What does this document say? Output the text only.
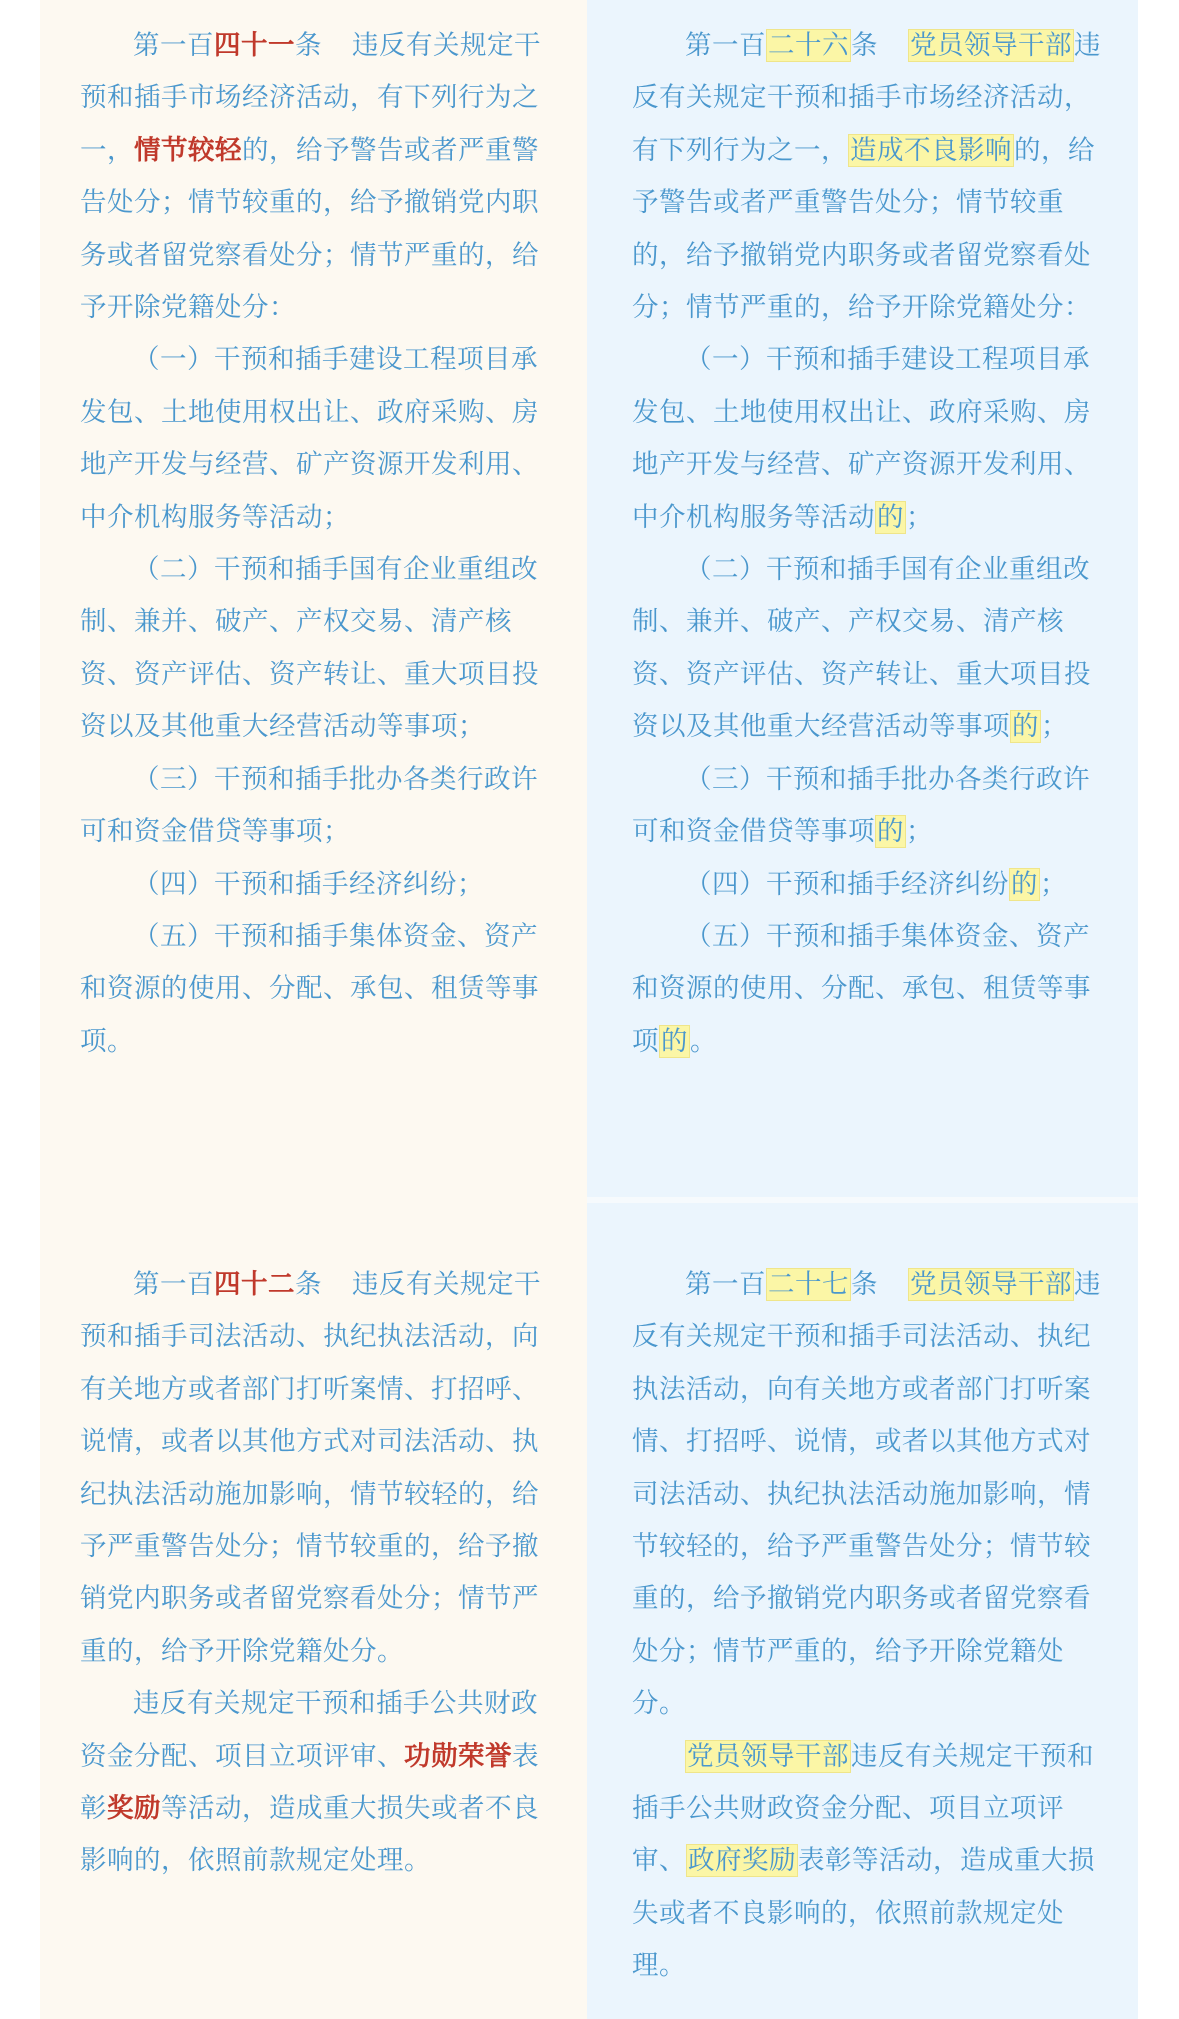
第一百四十一条 违反有关规定干预和插手市场经济活动，有下列行为之一，情节较轻的，给予警告或者严重警告处分；情节较重的，给予撤销党内职务或者留党察看处分；情节严重的，给予开除党籍处分：

（一）干预和插手建设工程项目承发包、土地使用权出让、政府采购、房地产开发与经营、矿产资源开发利用、中介机构服务等活动；

（二）干预和插手国有企业重组改制、兼并、破产、产权交易、清产核资、资产评估、资产转让、重大项目投资以及其他重大经营活动等事项；

（三）干预和插手批办各类行政许可和资金借贷等事项；

（四）干预和插手经济纠纷；

（五）干预和插手集体资金、资产和资源的使用、分配、承包、租赁等事项。

第一百二十六条 党员领导干部违反有关规定干预和插手市场经济活动，有下列行为之一，造成不良影响的，给予警告或者严重警告处分；情节较重的，给予撤销党内职务或者留党察看处分；情节严重的，给予开除党籍处分：

（一）干预和插手建设工程项目承发包、土地使用权出让、政府采购、房地产开发与经营、矿产资源开发利用、中介机构服务等活动的；

（二）干预和插手国有企业重组改制、兼并、破产、产权交易、清产核资、资产评估、资产转让、重大项目投资以及其他重大经营活动等事项的；

（三）干预和插手批办各类行政许可和资金借贷等事项的；

（四）干预和插手经济纠纷的；

（五）干预和插手集体资金、资产和资源的使用、分配、承包、租赁等事项的。

第一百四十二条 违反有关规定干预和插手司法活动、执纪执法活动，向有关地方或者部门打听案情、打招呼、说情，或者以其他方式对司法活动、执纪执法活动施加影响，情节较轻的，给予严重警告处分；情节较重的，给予撤销党内职务或者留党察看处分；情节严重的，给予开除党籍处分。

违反有关规定干预和插手公共财政资金分配、项目立项评审、功勋荣誉表彰奖励等活动，造成重大损失或者不良影响的，依照前款规定处理。

第一百二十七条 党员领导干部违反有关规定干预和插手司法活动、执纪执法活动，向有关地方或者部门打听案情、打招呼、说情，或者以其他方式对司法活动、执纪执法活动施加影响，情节较轻的，给予严重警告处分；情节较重的，给予撤销党内职务或者留党察看处分；情节严重的，给予开除党籍处分。

党员领导干部违反有关规定干预和插手公共财政资金分配、项目立项评审、政府奖励表彰等活动，造成重大损失或者不良影响的，依照前款规定处理。
